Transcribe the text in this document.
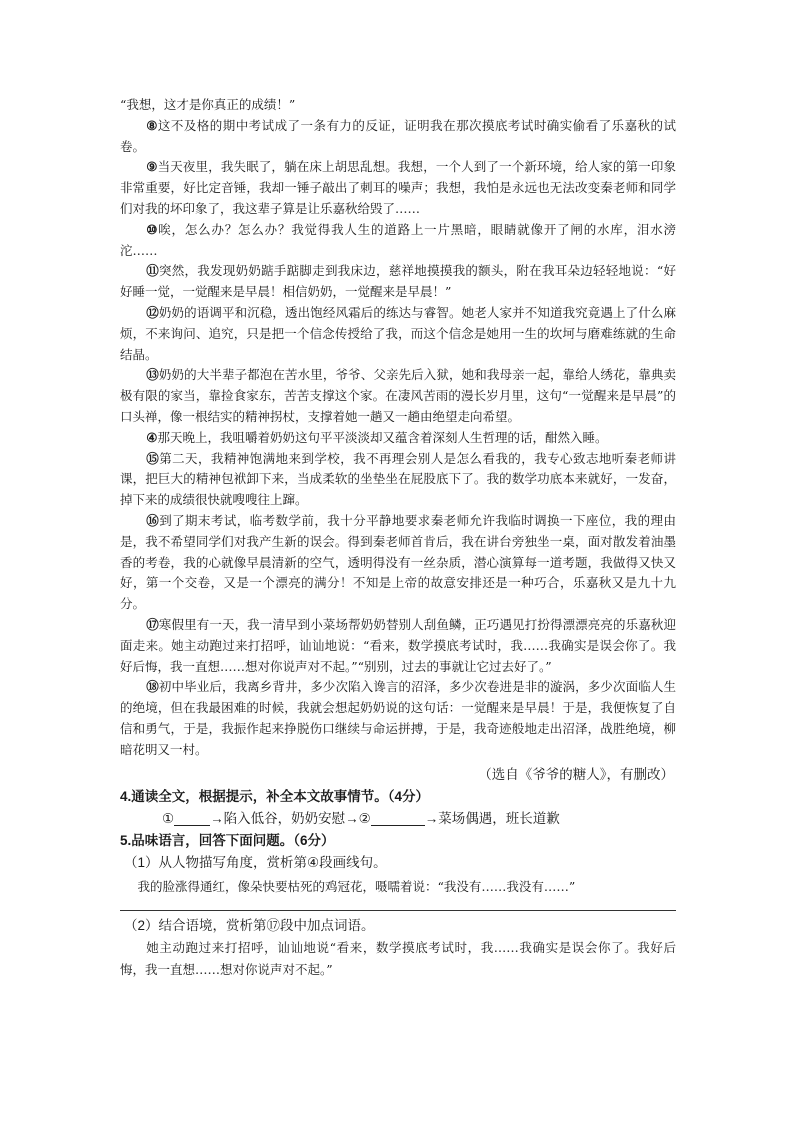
“我想，这才是你真正的成绩！”

⑧这不及格的期中考试成了一条有力的反证，证明我在那次摸底考试时确实偷看了乐嘉秋的试卷。

⑨当天夜里，我失眠了，躺在床上胡思乱想。我想，一个人到了一个新环境，给人家的第一印象非常重要，好比定音锤，我却一锤子敲出了刺耳的噪声；我想，我怕是永远也无法改变秦老师和同学们对我的坏印象了，我这辈子算是让乐嘉秋给毁了……

⑩唉，怎么办？怎么办？我觉得我人生的道路上一片黑暗，眼睛就像开了闸的水库，泪水滂沱……

⑪突然，我发现奶奶踮手踮脚走到我床边，慈祥地摸摸我的额头，附在我耳朵边轻轻地说：“好好睡一觉，一觉醒来是早晨！相信奶奶，一觉醒来是早晨！”

⑫奶奶的语调平和沉稳，透出饱经风霜后的练达与睿智。她老人家并不知道我究竟遇上了什么麻烦，不来询问、追究，只是把一个信念传授给了我，而这个信念是她用一生的坎坷与磨难练就的生命结晶。

⑬奶奶的大半辈子都泡在苦水里，爷爷、父亲先后入狱，她和我母亲一起，靠给人绣花，靠典卖极有限的家当，靠捡食家东，苦苦支撑这个家。在凄风苦雨的漫长岁月里，这句“一觉醒来是早晨”的口头禅，像一根结实的精神拐杖，支撑着她一趟又一趟由绝望走向希望。

④那天晚上，我咀嚼着奶奶这句平平淡淡却又蕴含着深刻人生哲理的话，酣然入睡。

⑮第二天，我精神饱满地来到学校，我不再理会别人是怎么看我的，我专心致志地听秦老师讲课，把巨大的精神包袱卸下来，当成柔软的坐垫坐在屁股底下了。我的数学功底本来就好，一发奋，掉下来的成绩很快就嗖嗖往上蹿。

⑯到了期末考试，临考数学前，我十分平静地要求秦老师允许我临时调换一下座位，我的理由是，我不希望同学们对我产生新的误会。得到秦老师首肯后，我在讲台旁独坐一桌，面对散发着油墨香的考卷，我的心就像早晨清新的空气，透明得没有一丝杂质，潜心演算每一道考题，我做得又快又好，第一个交卷，又是一个漂亮的满分！不知是上帝的故意安排还是一种巧合，乐嘉秋又是九十九分。

⑰寒假里有一天，我一清早到小菜场帮奶奶替别人刮鱼鳞，正巧遇见打扮得漂漂亮亮的乐嘉秋迎面走来。她主动跑过来打招呼，讪讪地说：“看来，数学摸底考试时，我……我确实是误会你了。我好后悔，我一直想……想对你说声对不起。”“别别，过去的事就让它过去好了。”

⑱初中毕业后，我离乡背井，多少次陷入谗言的沼泽，多少次卷进是非的漩涡，多少次面临人生的绝境，但在我最困难的时候，我就会想起奶奶说的这句话：一觉醒来是早晨！于是，我便恢复了自信和勇气，于是，我振作起来挣脱伤口继续与命运拼搏，于是，我奇迹般地走出沼泽，战胜绝境，柳暗花明又一村。

（选自《爷爷的糖人》，有删改）

4.通读全文，根据提示，补全本文故事情节。（4分）

①	→陷入低谷，奶奶安慰→②	→菜场偶遇，班长道歉

5.品味语言，回答下面问题。（6分）

（1）从人物描写角度，赏析第④段画线句。

我的脸涨得通红，像朵快要枯死的鸡冠花，嗫嚅着说：“我没有……我没有……”

（2）结合语境，赏析第⑰段中加点词语。

她主动跑过来打招呼，讪讪地说“看来，数学摸底考试时，我……我确实是误会你了。我好后悔，我一直想……想对你说声对不起。”
